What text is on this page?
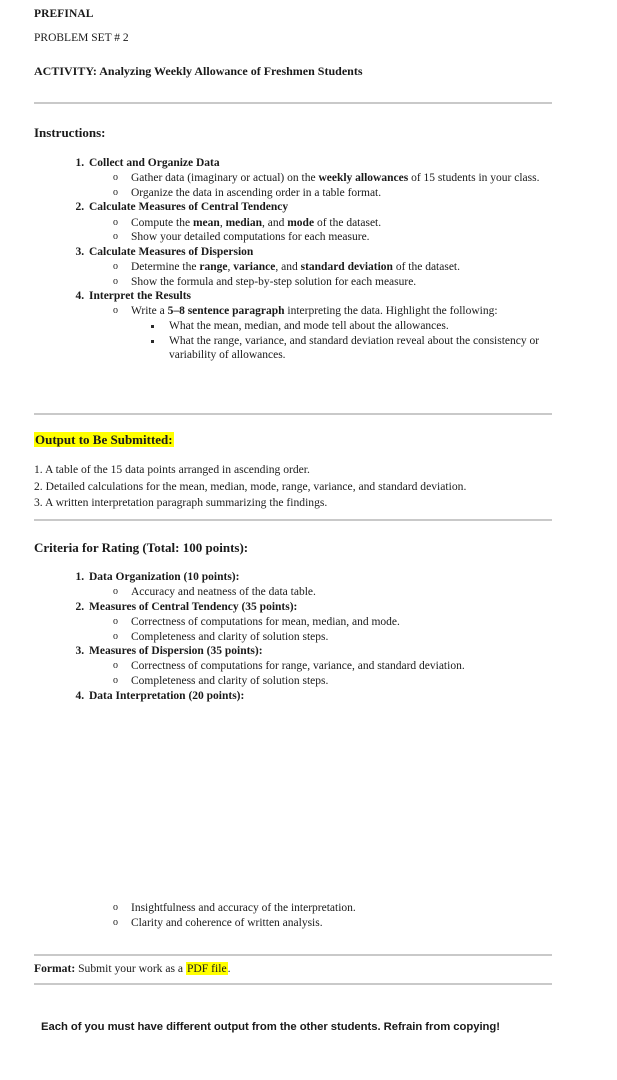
PREFINAL
PROBLEM SET # 2
ACTIVITY: Analyzing Weekly Allowance of Freshmen Students
Instructions:
1. Collect and Organize Data
o Gather data (imaginary or actual) on the weekly allowances of 15 students in your class.
o Organize the data in ascending order in a table format.
2. Calculate Measures of Central Tendency
o Compute the mean, median, and mode of the dataset.
o Show your detailed computations for each measure.
3. Calculate Measures of Dispersion
o Determine the range, variance, and standard deviation of the dataset.
o Show the formula and step-by-step solution for each measure.
4. Interpret the Results
o Write a 5–8 sentence paragraph interpreting the data. Highlight the following:
What the mean, median, and mode tell about the allowances.
What the range, variance, and standard deviation reveal about the consistency or variability of allowances.
Output to Be Submitted:
1. A table of the 15 data points arranged in ascending order.
2. Detailed calculations for the mean, median, mode, range, variance, and standard deviation.
3. A written interpretation paragraph summarizing the findings.
Criteria for Rating (Total: 100 points):
1. Data Organization (10 points):
o Accuracy and neatness of the data table.
2. Measures of Central Tendency (35 points):
o Correctness of computations for mean, median, and mode.
o Completeness and clarity of solution steps.
3. Measures of Dispersion (35 points):
o Correctness of computations for range, variance, and standard deviation.
o Completeness and clarity of solution steps.
4. Data Interpretation (20 points):
o Insightfulness and accuracy of the interpretation.
o Clarity and coherence of written analysis.
Format: Submit your work as a PDF file.
Each of you must have different output from the other students. Refrain from copying!
